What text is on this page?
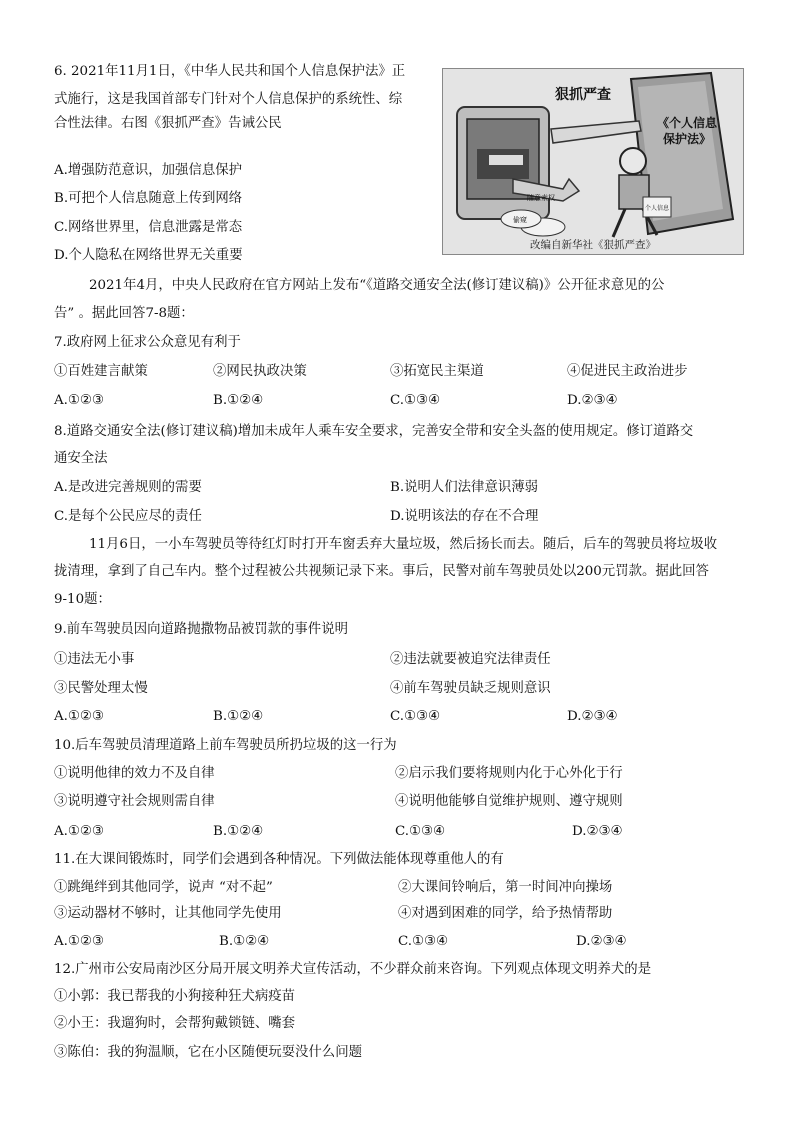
6. 2021年11月1日，《中华人民共和国个人信息保护法》正
式施行，这是我国首部专门针对个人信息保护的系统性、综
合性法律。右图《狠抓严查》告诫公民
A.增强防范意识，加强信息保护
B.可把个人信息随意上传到网络
C.网络世界里，信息泄露是常态
D.个人隐私在网络世界无关重要
狠抓严查
《个人信息
保护法》
随意索权
偷窥
个人信息
改编自新华社《狠抓严查》
2021年4月，中央人民政府在官方网站上发布“《道路交通安全法(修订建议稿)》公开征求意见的公
告” 。据此回答7-8题：
7.政府网上征求公众意见有利于
①百姓建言献策	②网民执政决策	③拓宽民主渠道	④促进民主政治进步
A.①②③	B.①②④	C.①③④	D.②③④
8.道路交通安全法(修订建议稿)增加未成年人乘车安全要求，完善安全带和安全头盔的使用规定。修订道路交
通安全法
A.是改进完善规则的需要	B.说明人们法律意识薄弱
C.是每个公民应尽的责任	D.说明该法的存在不合理
11月6日，一小车驾驶员等待红灯时打开车窗丢弃大量垃圾，然后扬长而去。随后，后车的驾驶员将垃圾收
拢清理，拿到了自己车内。整个过程被公共视频记录下来。事后，民警对前车驾驶员处以200元罚款。据此回答
9-10题：
9.前车驾驶员因向道路抛撒物品被罚款的事件说明
①违法无小事	②违法就要被追究法律责任
③民警处理太慢	④前车驾驶员缺乏规则意识
A.①②③	B.①②④	C.①③④	D.②③④
10.后车驾驶员清理道路上前车驾驶员所扔垃圾的这一行为
①说明他律的效力不及自律	②启示我们要将规则内化于心外化于行
③说明遵守社会规则需自律	④说明他能够自觉维护规则、遵守规则
A.①②③	B.①②④	C.①③④	D.②③④
11.在大课间锻炼时，同学们会遇到各种情况。下列做法能体现尊重他人的有
①跳绳绊到其他同学，说声 “对不起”	②大课间铃响后，第一时间冲向操场
③运动器材不够时，让其他同学先使用	④对遇到困难的同学，给予热情帮助
A.①②③	B.①②④	C.①③④	D.②③④
12.广州市公安局南沙区分局开展文明养犬宣传活动，不少群众前来咨询。下列观点体现文明养犬的是
①小郭：我已帮我的小狗接种狂犬病疫苗
②小王：我遛狗时，会帮狗戴锁链、嘴套
③陈伯：我的狗温顺，它在小区随便玩耍没什么问题
